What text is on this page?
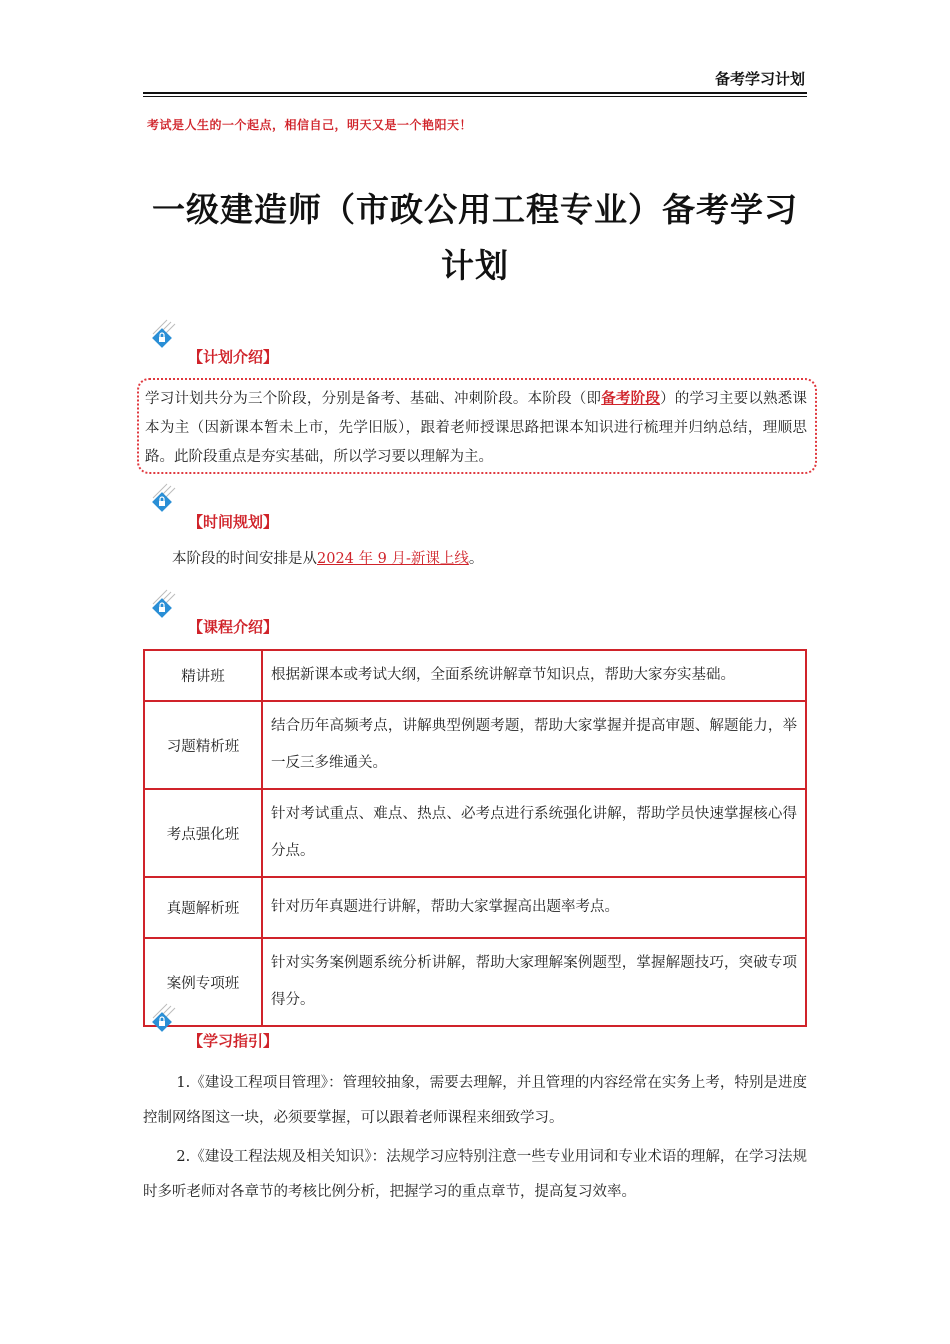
备考学习计划
考试是人生的一个起点，相信自己，明天又是一个艳阳天！
一级建造师（市政公用工程专业）备考学习计划
【计划介绍】
学习计划共分为三个阶段，分别是备考、基础、冲刺阶段。本阶段（即备考阶段）的学习主要以熟悉课本为主（因新课本暂未上市，先学旧版），跟着老师授课思路把课本知识进行梳理并归纳总结，理顺思路。此阶段重点是夯实基础，所以学习要以理解为主。
【时间规划】
本阶段的时间安排是从2024 年 9 月-新课上线。
【课程介绍】
精讲班	根据新课本或考试大纲，全面系统讲解章节知识点，帮助大家夯实基础。
习题精析班	结合历年高频考点，讲解典型例题考题，帮助大家掌握并提高审题、解题能力，举一反三多维通关。
考点强化班	针对考试重点、难点、热点、必考点进行系统强化讲解，帮助学员快速掌握核心得分点。
真题解析班	针对历年真题进行讲解，帮助大家掌握高出题率考点。
案例专项班	针对实务案例题系统分析讲解，帮助大家理解案例题型，掌握解题技巧，突破专项得分。
【学习指引】
1.《建设工程项目管理》：管理较抽象，需要去理解，并且管理的内容经常在实务上考，特别是进度控制网络图这一块，必须要掌握，可以跟着老师课程来细致学习。
2.《建设工程法规及相关知识》：法规学习应特别注意一些专业用词和专业术语的理解，在学习法规时多听老师对各章节的考核比例分析，把握学习的重点章节，提高复习效率。
